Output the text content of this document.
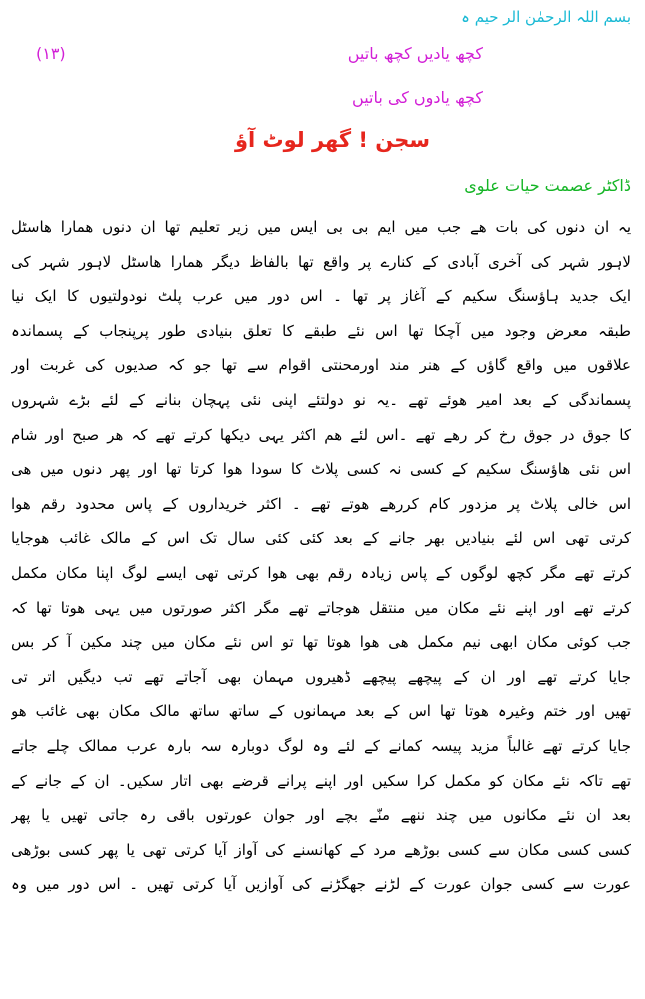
بسم اللہ الرحمٰن الر حیم ہ
کچھ یادیں کچھ باتیں
(۱۳)
کچھ یادوں کی باتیں
سجن ! گھر لوٹ آؤ
ڈاکٹر عصمت حیات علوی
یہ ان دنوں کی بات ھے جب میں ایم بی بی ایس میں زیر تعلیم تھا ان دنوں ھمارا ھاسٹل
لاہور شہر کی آخری آبادی کے کنارے پر واقع تھا بالفاظ دیگر ھمارا ھاسٹل لاہور شہر کی
ایک جدید ہاؤسنگ سکیم کے آغاز پر تھا ۔ اس دور میں عرب پلٹ نودولتیوں کا ایک نیا
طبقہ معرض وجود میں آچکا تھا اس نئے طبقے کا تعلق بنیادی طور پرپنجاب کے پسماندہ
علاقوں میں واقع گاؤں کے ھنر مند اورمحنتی اقوام سے تھا جو کہ صدیوں کی غربت اور
پسماندگی کے بعد امیر ھوئے تھے ۔یہ نو دولتئے اپنی نئی پہچان بنانے کے لئے بڑے شہروں
کا جوق در جوق رخ کر رھے تھے ۔اس لئے ھم اکثر یہی دیکھا کرتے تھے کہ ھر صبح اور شام
اس نئی ھاؤسنگ سکیم کے کسی نہ کسی پلاٹ کا سودا ھوا کرتا تھا اور پھر دنوں میں ھی
اس خالی پلاٹ پر مزدور کام کررھے ھوتے تھے ۔ اکثر خریداروں کے پاس محدود رقم ھوا
کرتی تھی اس لئے بنیادیں بھر جانے کے بعد کئی کئی سال تک اس کے مالک غائب ھوجایا
کرتے تھے مگر کچھ لوگوں کے پاس زیادہ رقم بھی ھوا کرتی تھی ایسے لوگ اپنا مکان مکمل
کرتے تھے اور اپنے نئے مکان میں منتقل ھوجاتے تھے مگر اکثر صورتوں میں یہی ھوتا تھا کہ
جب کوئی مکان ابھی نیم مکمل ھی ھوا ھوتا تھا تو اس نئے مکان میں چند مکین آ کر بس
جایا کرتے تھے اور ان کے پیچھے پیچھے ڈھیروں مہمان بھی آجاتے تھے تب دیگیں اتر تی
تھیں اور ختم وغیرہ ھوتا تھا اس کے بعد مہمانوں کے ساتھ ساتھ مالک مکان بھی غائب ھو
جایا کرتے تھے غالباً مزید پیسہ کمانے کے لئے وہ لوگ دوبارہ سہ بارہ عرب ممالک چلے جاتے
تھے تاکہ نئے مکان کو مکمل کرا سکیں اور اپنے پرانے قرضے بھی اتار سکیں۔ ان کے جانے کے
بعد ان نئے مکانوں میں چند ننھے منّے بچے اور جوان عورتوں باقی رہ جاتی تھیں یا پھر
کسی کسی مکان سے کسی بوڑھے مرد کے کھانسنے کی آواز آیا کرتی تھی یا پھر کسی بوڑھی
عورت سے کسی جوان عورت کے لڑنے جھگڑنے کی آوازیں آیا کرتی تھیں ۔ اس دور میں وہ
